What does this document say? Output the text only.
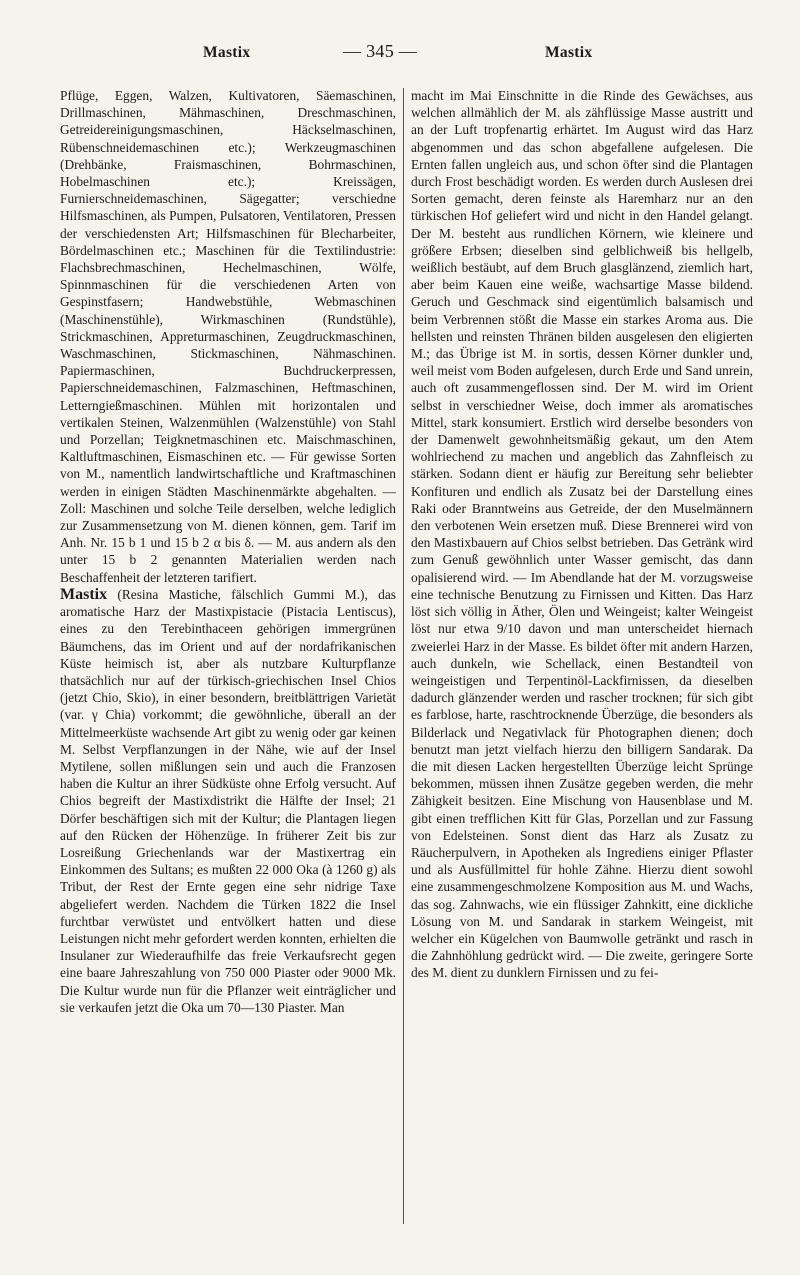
Mastix	— 345 —	Mastix

Pflüge, Eggen, Walzen, Kultivatoren, Säemaschinen, Drillmaschinen, Mähmaschinen, Dreschmaschinen, Getreidereinigungsmaschinen, Häckselmaschinen, Rübenschneidemaschinen etc.); Werkzeugmaschinen (Drehbänke, Fraismaschinen, Bohrmaschinen, Hobelmaschinen etc.); Kreissägen, Furnierschneidemaschinen, Sägegatter; verschiedne Hilfsmaschinen, als Pumpen, Pulsatoren, Ventilatoren, Pressen der verschiedensten Art; Hilfsmaschinen für Blecharbeiter, Bördelmaschinen etc.; Maschinen für die Textilindustrie: Flachsbrechmaschinen, Hechelmaschinen, Wölfe, Spinnmaschinen für die verschiedenen Arten von Gespinstfasern; Handwebstühle, Webmaschinen (Maschinenstühle), Wirkmaschinen (Rundstühle), Strickmaschinen, Appreturmaschinen, Zeugdruckmaschinen, Waschmaschinen, Stickmaschinen, Nähmaschinen. Papiermaschinen, Buchdruckerpressen, Papierschneidemaschinen, Falzmaschinen, Heftmaschinen, Letterngießmaschinen. Mühlen mit horizontalen und vertikalen Steinen, Walzenmühlen (Walzenstühle) von Stahl und Porzellan; Teigknetmaschinen etc. Maischmaschinen, Kaltluftmaschinen, Eismaschinen etc. — Für gewisse Sorten von M., namentlich landwirtschaftliche und Kraftmaschinen werden in einigen Städten Maschinenmärkte abgehalten. — Zoll: Maschinen und solche Teile derselben, welche lediglich zur Zusammensetzung von M. dienen können, gem. Tarif im Anh. Nr. 15 b 1 und 15 b 2 α bis δ. — M. aus andern als den unter 15 b 2 genannten Materialien werden nach Beschaffenheit der letzteren tarifiert.

Mastix (Resina Mastiche, fälschlich Gummi M.), das aromatische Harz der Mastixpistacie (Pistacia Lentiscus), eines zu den Terebinthaceen gehörigen immergrünen Bäumchens, das im Orient und auf der nordafrikanischen Küste heimisch ist, aber als nutzbare Kulturpflanze thatsächlich nur auf der türkisch-griechischen Insel Chios (jetzt Chio, Skio), in einer besondern, breitblättrigen Varietät (var. γ Chia) vorkommt; die gewöhnliche, überall an der Mittelmeerküste wachsende Art gibt zu wenig oder gar keinen M. Selbst Verpflanzungen in der Nähe, wie auf der Insel Mytilene, sollen mißlungen sein und auch die Franzosen haben die Kultur an ihrer Südküste ohne Erfolg versucht. Auf Chios begreift der Mastixdistrikt die Hälfte der Insel; 21 Dörfer beschäftigen sich mit der Kultur; die Plantagen liegen auf den Rücken der Höhenzüge. In früherer Zeit bis zur Losreißung Griechenlands war der Mastixertrag ein Einkommen des Sultans; es mußten 22 000 Oka (à 1260 g) als Tribut, der Rest der Ernte gegen eine sehr nidrige Taxe abgeliefert werden. Nachdem die Türken 1822 die Insel furchtbar verwüstet und entvölkert hatten und diese Leistungen nicht mehr gefordert werden konnten, erhielten die Insulaner zur Wiederaufhilfe das freie Verkaufsrecht gegen eine baare Jahreszahlung von 750 000 Piaster oder 9000 Mk. Die Kultur wurde nun für die Pflanzer weit einträglicher und sie verkaufen jetzt die Oka um 70—130 Piaster. Man

macht im Mai Einschnitte in die Rinde des Gewächses, aus welchen allmählich der M. als zähflüssige Masse austritt und an der Luft tropfenartig erhärtet. Im August wird das Harz abgenommen und das schon abgefallene aufgelesen. Die Ernten fallen ungleich aus, und schon öfter sind die Plantagen durch Frost beschädigt worden. Es werden durch Auslesen drei Sorten gemacht, deren feinste als Haremharz nur an den türkischen Hof geliefert wird und nicht in den Handel gelangt. Der M. besteht aus rundlichen Körnern, wie kleinere und größere Erbsen; dieselben sind gelblichweiß bis hellgelb, weißlich bestäubt, auf dem Bruch glasglänzend, ziemlich hart, aber beim Kauen eine weiße, wachsartige Masse bildend. Geruch und Geschmack sind eigentümlich balsamisch und beim Verbrennen stößt die Masse ein starkes Aroma aus. Die hellsten und reinsten Thränen bilden ausgelesen den eligierten M.; das Übrige ist M. in sortis, dessen Körner dunkler und, weil meist vom Boden aufgelesen, durch Erde und Sand unrein, auch oft zusammengeflossen sind. Der M. wird im Orient selbst in verschiedner Weise, doch immer als aromatisches Mittel, stark konsumiert. Erstlich wird derselbe besonders von der Damenwelt gewohnheitsmäßig gekaut, um den Atem wohlriechend zu machen und angeblich das Zahnfleisch zu stärken. Sodann dient er häufig zur Bereitung sehr beliebter Konfituren und endlich als Zusatz bei der Darstellung eines Raki oder Branntweins aus Getreide, der den Muselmännern den verbotenen Wein ersetzen muß. Diese Brennerei wird von den Mastixbauern auf Chios selbst betrieben. Das Getränk wird zum Genuß gewöhnlich unter Wasser gemischt, das dann opalisierend wird. — Im Abendlande hat der M. vorzugsweise eine technische Benutzung zu Firnissen und Kitten. Das Harz löst sich völlig in Äther, Ölen und Weingeist; kalter Weingeist löst nur etwa 9/10 davon und man unterscheidet hiernach zweierlei Harz in der Masse. Es bildet öfter mit andern Harzen, auch dunkeln, wie Schellack, einen Bestandteil von weingeistigen und Terpentinöl-Lackfirnissen, da dieselben dadurch glänzender werden und rascher trocknen; für sich gibt es farblose, harte, raschtrocknende Überzüge, die besonders als Bilderlack und Negativlack für Photographen dienen; doch benutzt man jetzt vielfach hierzu den billigern Sandarak. Da die mit diesen Lacken hergestellten Überzüge leicht Sprünge bekommen, müssen ihnen Zusätze gegeben werden, die mehr Zähigkeit besitzen. Eine Mischung von Hausenblase und M. gibt einen trefflichen Kitt für Glas, Porzellan und zur Fassung von Edelsteinen. Sonst dient das Harz als Zusatz zu Räucherpulvern, in Apotheken als Ingrediens einiger Pflaster und als Ausfüllmittel für hohle Zähne. Hierzu dient sowohl eine zusammengeschmolzene Komposition aus M. und Wachs, das sog. Zahnwachs, wie ein flüssiger Zahnkitt, eine dickliche Lösung von M. und Sandarak in starkem Weingeist, mit welcher ein Kügelchen von Baumwolle getränkt und rasch in die Zahnhöhlung gedrückt wird. — Die zweite, geringere Sorte des M. dient zu dunklern Firnissen und zu fei-
